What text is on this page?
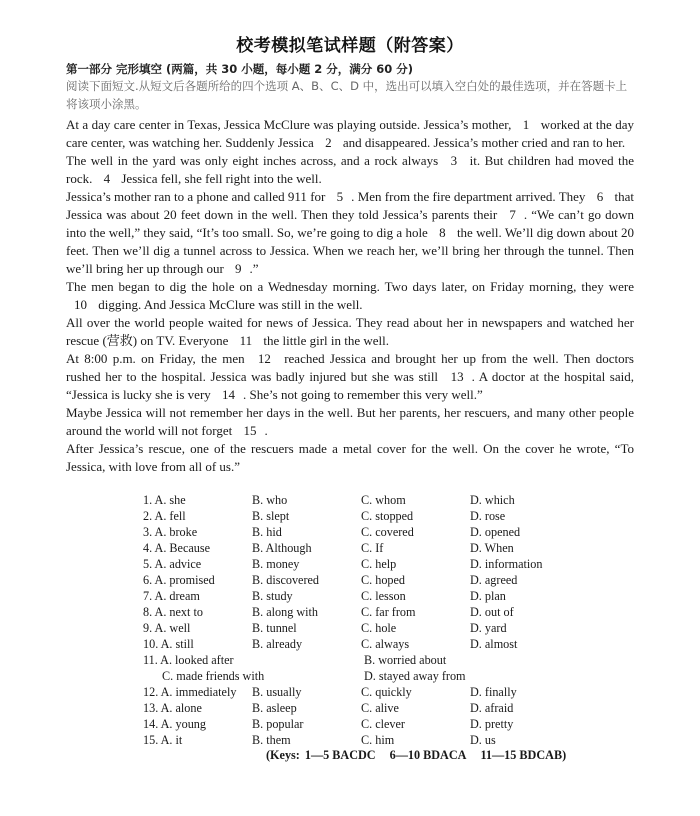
校考模拟笔试样题（附答案）
第一部分 完形填空 (两篇，共 30 小题，每小题 2 分，满分 60 分)
阅读下面短文.从短文后各题所给的四个选项 A、B、C、D 中，选出可以填入空白处的最佳选项，并在答题卡上将该项小涂黑。

At a day care center in Texas, Jessica McClure was playing outside. Jessica’s mother, 1 worked at the day care center, was watching her. Suddenly Jessica 2 and disappeared. Jessica’s mother cried and ran to her.

The well in the yard was only eight inches across, and a rock always 3 it. But children had moved the rock. 4 Jessica fell, she fell right into the well.

Jessica’s mother ran to a phone and called 911 for 5 . Men from the fire department arrived. They 6 that Jessica was about 20 feet down in the well. Then they told Jessica’s parents their 7 . “We can’t go down into the well,” they said, “It’s too small. So, we’re going to dig a hole 8 the well. We’ll dig down about 20 feet. Then we’ll dig a tunnel across to Jessica. When we reach her, we’ll bring her through the tunnel. Then we’ll bring her up through our 9 .”

The men began to dig the hole on a Wednesday morning. Two days later, on Friday morning, they were 10 digging. And Jessica McClure was still in the well.

All over the world people waited for news of Jessica. They read about her in newspapers and watched her rescue (营救) on TV. Everyone 11 the little girl in the well.

At 8:00 p.m. on Friday, the men 12 reached Jessica and brought her up from the well. Then doctors rushed her to the hospital. Jessica was badly injured but she was still 13 . A doctor at the hospital said, “Jessica is lucky she is very 14 . She’s not going to remember this very well.”

Maybe Jessica will not remember her days in the well. But her parents, her rescuers, and many other people around the world will not forget 15 .

After Jessica’s rescue, one of the rescuers made a metal cover for the well. On the cover he wrote, “To Jessica, with love from all of us.”

1. A. she	B. who	C. whom	D. which
2. A. fell	B. slept	C. stopped	D. rose
3. A. broke	B. hid	C. covered	D. opened
4. A. Because	B. Although	C. If	D. When
5. A. advice	B. money	C. help	D. information
6. A. promised	B. discovered	C. hoped	D. agreed
7. A. dream	B. study	C. lesson	D. plan
8. A. next to	B. along with	C. far from	D. out of
9. A. well	B. tunnel	C. hole	D. yard
10. A. still	B. already	C. always	D. almost
11. A. looked after	B. worried about
C. made friends with	D. stayed away from
12. A. immediately B. usually	C. quickly	D. finally
13. A. alone	B. asleep	C. alive	D. afraid
14. A. young	B. popular	C. clever	D. pretty
15. A. it	B. them	C. him	D. us
(Keys: 1—5 BACDC 6—10 BDACA 11—15 BDCAB)
